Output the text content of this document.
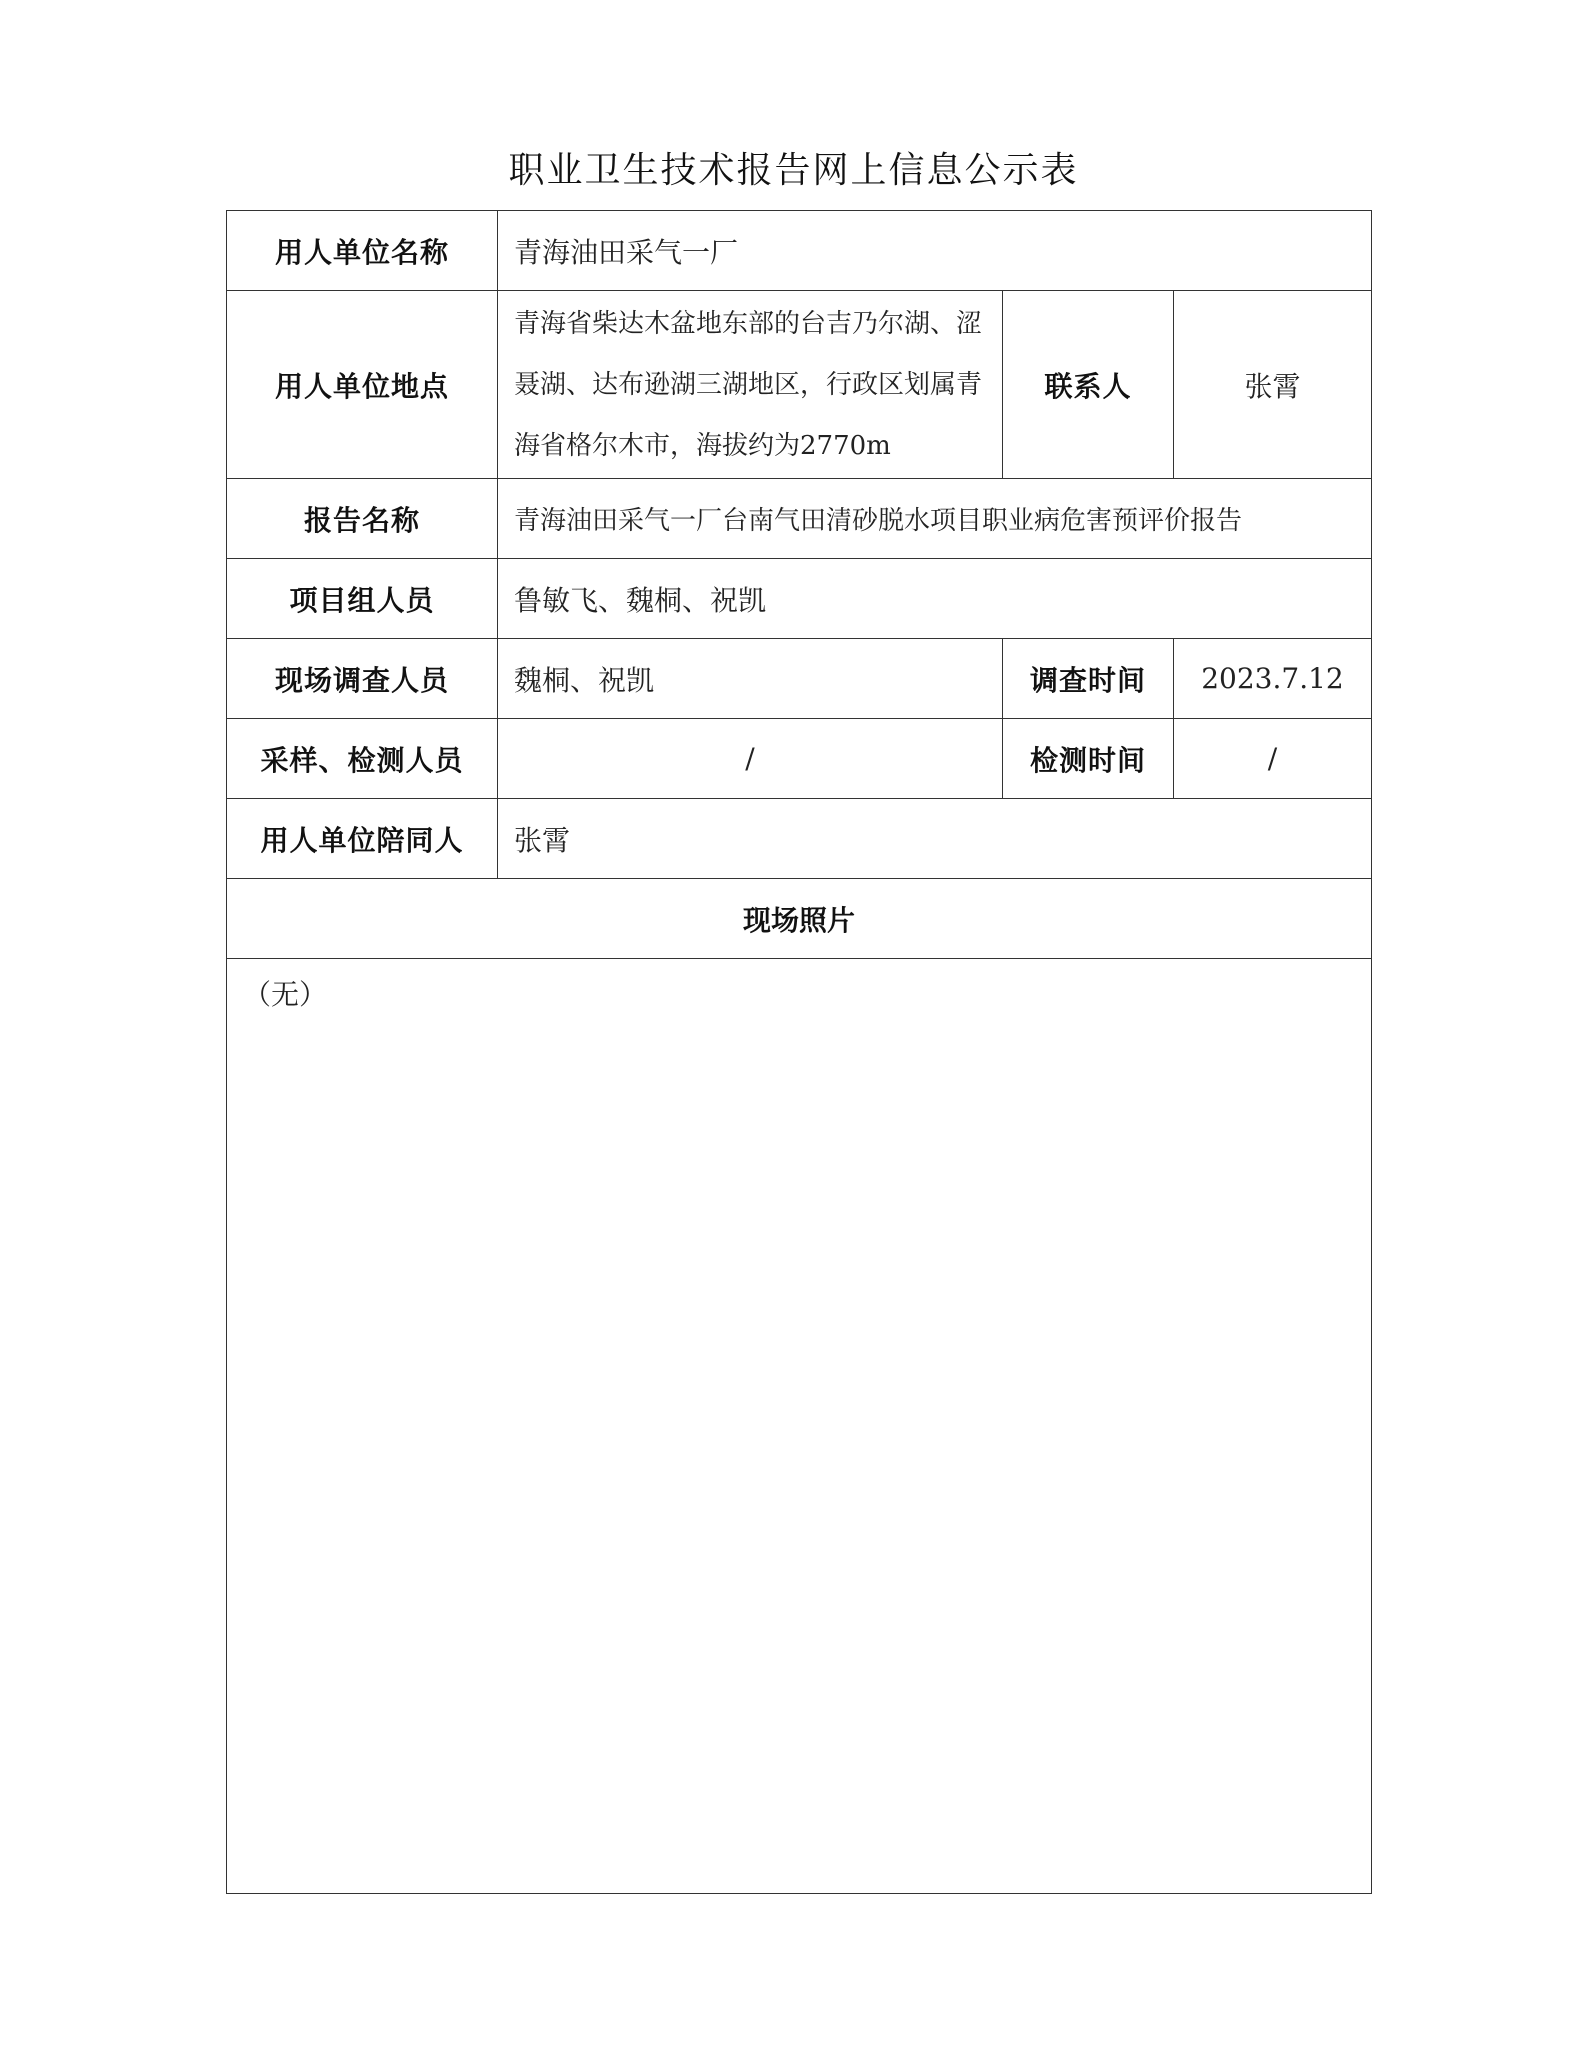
职业卫生技术报告网上信息公示表
用人单位名称	青海油田采气一厂		
用人单位地点	青海省柴达木盆地东部的台吉乃尔湖、涩聂湖、达布逊湖三湖地区，行政区划属青海省格尔木市，海拔约为2770m	联系人	张霄
报告名称	青海油田采气一厂台南气田清砂脱水项目职业病危害预评价报告		
项目组人员	鲁敏飞、魏桐、祝凯		
现场调查人员	魏桐、祝凯	调查时间	2023.7.12
采样、检测人员	/	检测时间	/
用人单位陪同人	张霄		
现场照片			
（无）			
